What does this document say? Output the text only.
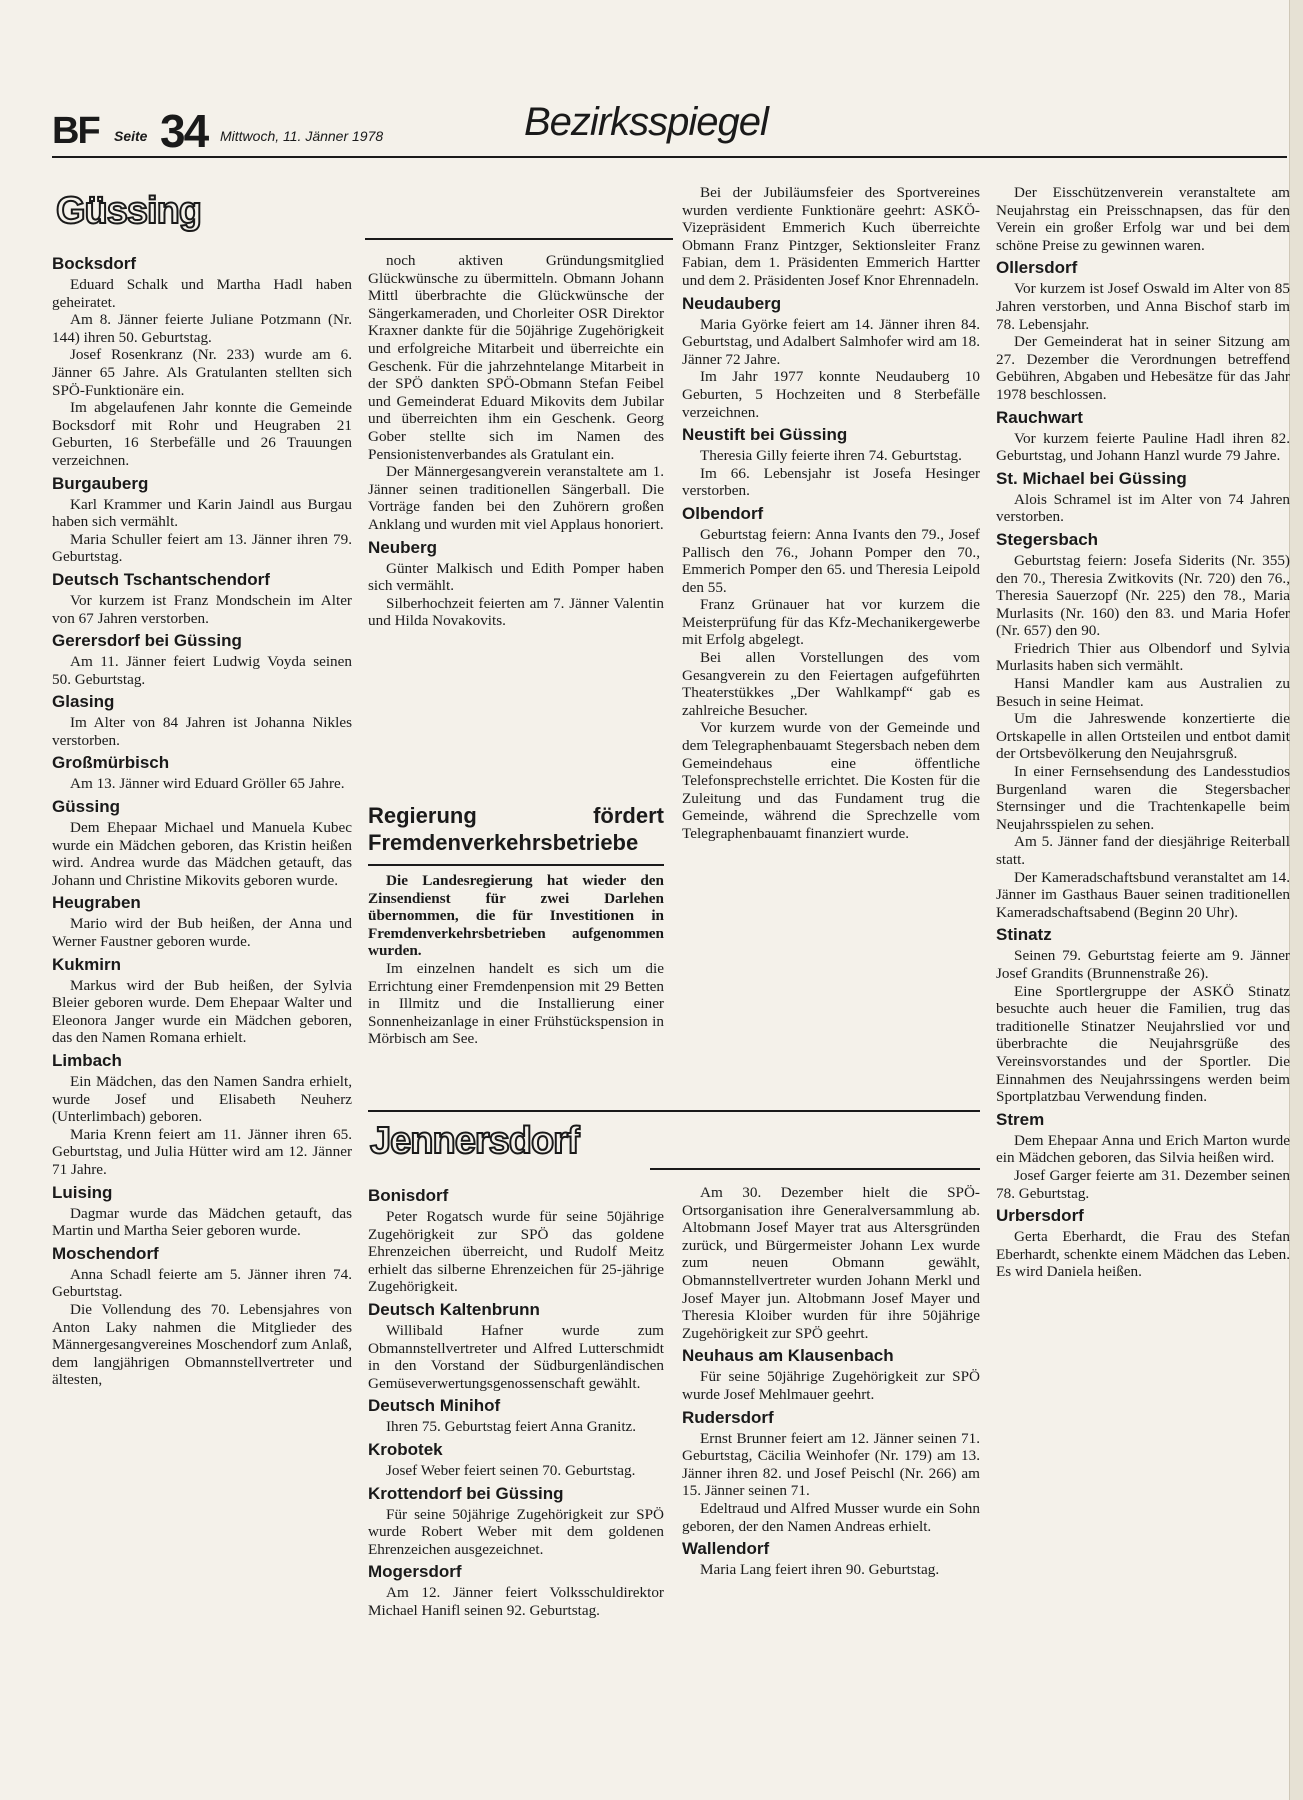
BF Seite 34 Mittwoch, 11. Jänner 1978	Bezirksspiegel
Güssing
Bocksdorf

Eduard Schalk und Martha Hadl haben geheiratet.

Am 8. Jänner feierte Juliane Potzmann (Nr. 144) ihren 50. Geburtstag.

Josef Rosenkranz (Nr. 233) wurde am 6. Jänner 65 Jahre. Als Gratulanten stellten sich SPÖ-Funktionäre ein.

Im abgelaufenen Jahr konnte die Gemeinde Bocksdorf mit Rohr und Heugraben 21 Geburten, 16 Sterbefälle und 26 Trauungen verzeichnen.

Burgauberg

Karl Krammer und Karin Jaindl aus Burgau haben sich vermählt.

Maria Schuller feiert am 13. Jänner ihren 79. Geburtstag.

Deutsch Tschantschendorf

Vor kurzem ist Franz Mondschein im Alter von 67 Jahren verstorben.

Gerersdorf bei Güssing

Am 11. Jänner feiert Ludwig Voyda seinen 50. Geburtstag.

Glasing

Im Alter von 84 Jahren ist Johanna Nikles verstorben.

Großmürbisch

Am 13. Jänner wird Eduard Gröller 65 Jahre.

Güssing

Dem Ehepaar Michael und Manuela Kubec wurde ein Mädchen geboren, das Kristin heißen wird. Andrea wurde das Mädchen getauft, das Johann und Christine Mikovits geboren wurde.

Heugraben

Mario wird der Bub heißen, der Anna und Werner Faustner geboren wurde.

Kukmirn

Markus wird der Bub heißen, der Sylvia Bleier geboren wurde. Dem Ehepaar Walter und Eleonora Janger wurde ein Mädchen geboren, das den Namen Romana erhielt.

Limbach

Ein Mädchen, das den Namen Sandra erhielt, wurde Josef und Elisabeth Neuherz (Unterlimbach) geboren.

Maria Krenn feiert am 11. Jänner ihren 65. Geburtstag, und Julia Hütter wird am 12. Jänner 71 Jahre.

Luising

Dagmar wurde das Mädchen getauft, das Martin und Martha Seier geboren wurde.

Moschendorf

Anna Schadl feierte am 5. Jänner ihren 74. Geburtstag.

Die Vollendung des 70. Lebensjahres von Anton Laky nahmen die Mitglieder des Männergesangvereines Moschendorf zum Anlaß, dem langjährigen Obmannstellvertreter und ältesten,

noch aktiven Gründungsmitglied Glückwünsche zu übermitteln. Obmann Johann Mittl überbrachte die Glückwünsche der Sängerkameraden, und Chorleiter OSR Direktor Kraxner dankte für die 50jährige Zugehörigkeit und erfolgreiche Mitarbeit und überreichte ein Geschenk. Für die jahrzehntelange Mitarbeit in der SPÖ dankten SPÖ-Obmann Stefan Feibel und Gemeinderat Eduard Mikovits dem Jubilar und überreichten ihm ein Geschenk. Georg Gober stellte sich im Namen des Pensionistenverbandes als Gratulant ein.

Der Männergesangverein veranstaltete am 1. Jänner seinen traditionellen Sängerball. Die Vorträge fanden bei den Zuhörern großen Anklang und wurden mit viel Applaus honoriert.

Neuberg

Günter Malkisch und Edith Pomper haben sich vermählt.

Silberhochzeit feierten am 7. Jänner Valentin und Hilda Novakovits.

Bei der Jubiläumsfeier des Sportvereines wurden verdiente Funktionäre geehrt: ASKÖ-Vizepräsident Emmerich Kuch überreichte Obmann Franz Pintzger, Sektionsleiter Franz Fabian, dem 1. Präsidenten Emmerich Hartter und dem 2. Präsidenten Josef Knor Ehrennadeln.

Neudauberg

Maria Györke feiert am 14. Jänner ihren 84. Geburtstag, und Adalbert Salmhofer wird am 18. Jänner 72 Jahre.

Im Jahr 1977 konnte Neudauberg 10 Geburten, 5 Hochzeiten und 8 Sterbefälle verzeichnen.

Neustift bei Güssing

Theresia Gilly feierte ihren 74. Geburtstag.

Im 66. Lebensjahr ist Josefa Hesinger verstorben.

Olbendorf

Geburtstag feiern: Anna Ivants den 79., Josef Pallisch den 76., Johann Pomper den 70., Emmerich Pomper den 65. und Theresia Leipold den 55.

Franz Grünauer hat vor kurzem die Meisterprüfung für das Kfz-Mechanikergewerbe mit Erfolg abgelegt.

Bei allen Vorstellungen des vom Gesangverein zu den Feiertagen aufgeführten Theaterstükkes „Der Wahlkampf“ gab es zahlreiche Besucher.

Vor kurzem wurde von der Gemeinde und dem Telegraphenbauamt Stegersbach neben dem Gemeindehaus eine öffentliche Telefonsprechstelle errichtet. Die Kosten für die Zuleitung und das Fundament trug die Gemeinde, während die Sprechzelle vom Telegraphenbauamt finanziert wurde.

Der Eisschützenverein veranstaltete am Neujahrstag ein Preisschnapsen, das für den Verein ein großer Erfolg war und bei dem schöne Preise zu gewinnen waren.

Ollersdorf

Vor kurzem ist Josef Oswald im Alter von 85 Jahren verstorben, und Anna Bischof starb im 78. Lebensjahr.

Der Gemeinderat hat in seiner Sitzung am 27. Dezember die Verordnungen betreffend Gebühren, Abgaben und Hebesätze für das Jahr 1978 beschlossen.

Rauchwart

Vor kurzem feierte Pauline Hadl ihren 82. Geburtstag, und Johann Hanzl wurde 79 Jahre.

St. Michael bei Güssing

Alois Schramel ist im Alter von 74 Jahren verstorben.

Stegersbach

Geburtstag feiern: Josefa Siderits (Nr. 355) den 70., Theresia Zwitkovits (Nr. 720) den 76., Theresia Sauerzopf (Nr. 225) den 78., Maria Murlasits (Nr. 160) den 83. und Maria Hofer (Nr. 657) den 90.

Friedrich Thier aus Olbendorf und Sylvia Murlasits haben sich vermählt.

Hansi Mandler kam aus Australien zu Besuch in seine Heimat.

Um die Jahreswende konzertierte die Ortskapelle in allen Ortsteilen und entbot damit der Ortsbevölkerung den Neujahrsgruß.

In einer Fernsehsendung des Landesstudios Burgenland waren die Stegersbacher Sternsinger und die Trachtenkapelle beim Neujahrsspielen zu sehen.

Am 5. Jänner fand der diesjährige Reiterball statt.

Der Kameradschaftsbund veranstaltet am 14. Jänner im Gasthaus Bauer seinen traditionellen Kameradschaftsabend (Beginn 20 Uhr).

Stinatz

Seinen 79. Geburtstag feierte am 9. Jänner Josef Grandits (Brunnenstraße 26).

Eine Sportlergruppe der ASKÖ Stinatz besuchte auch heuer die Familien, trug das traditionelle Stinatzer Neujahrslied vor und überbrachte die Neujahrsgrüße des Vereinsvorstandes und der Sportler. Die Einnahmen des Neujahrssingens werden beim Sportplatzbau Verwendung finden.

Strem

Dem Ehepaar Anna und Erich Marton wurde ein Mädchen geboren, das Silvia heißen wird.

Josef Garger feierte am 31. Dezember seinen 78. Geburtstag.

Urbersdorf

Gerta Eberhardt, die Frau des Stefan Eberhardt, schenkte einem Mädchen das Leben. Es wird Daniela heißen.

Regierung fördert Fremdenverkehrsbetriebe

Die Landesregierung hat wieder den Zinsendienst für zwei Darlehen übernommen, die für Investitionen in Fremdenverkehrsbetrieben aufgenommen wurden.

Im einzelnen handelt es sich um die Errichtung einer Fremdenpension mit 29 Betten in Illmitz und die Installierung einer Sonnenheizanlage in einer Frühstückspension in Mörbisch am See.

Jennersdorf
Bonisdorf

Peter Rogatsch wurde für seine 50jährige Zugehörigkeit zur SPÖ das goldene Ehrenzeichen überreicht, und Rudolf Meitz erhielt das silberne Ehrenzeichen für 25-jährige Zugehörigkeit.

Deutsch Kaltenbrunn

Willibald Hafner wurde zum Obmannstellvertreter und Alfred Lutterschmidt in den Vorstand der Südburgenländischen Gemüseverwertungsgenossenschaft gewählt.

Deutsch Minihof

Ihren 75. Geburtstag feiert Anna Granitz.

Krobotek

Josef Weber feiert seinen 70. Geburtstag.

Krottendorf bei Güssing

Für seine 50jährige Zugehörigkeit zur SPÖ wurde Robert Weber mit dem goldenen Ehrenzeichen ausgezeichnet.

Mogersdorf

Am 12. Jänner feiert Volksschuldirektor Michael Hanifl seinen 92. Geburtstag.

Am 30. Dezember hielt die SPÖ-Ortsorganisation ihre Generalversammlung ab. Altobmann Josef Mayer trat aus Altersgründen zurück, und Bürgermeister Johann Lex wurde zum neuen Obmann gewählt, Obmannstellvertreter wurden Johann Merkl und Josef Mayer jun. Altobmann Josef Mayer und Theresia Kloiber wurden für ihre 50jährige Zugehörigkeit zur SPÖ geehrt.

Neuhaus am Klausenbach

Für seine 50jährige Zugehörigkeit zur SPÖ wurde Josef Mehlmauer geehrt.

Rudersdorf

Ernst Brunner feiert am 12. Jänner seinen 71. Geburtstag, Cäcilia Weinhofer (Nr. 179) am 13. Jänner ihren 82. und Josef Peischl (Nr. 266) am 15. Jänner seinen 71.

Edeltraud und Alfred Musser wurde ein Sohn geboren, der den Namen Andreas erhielt.

Wallendorf

Maria Lang feiert ihren 90. Geburtstag.
